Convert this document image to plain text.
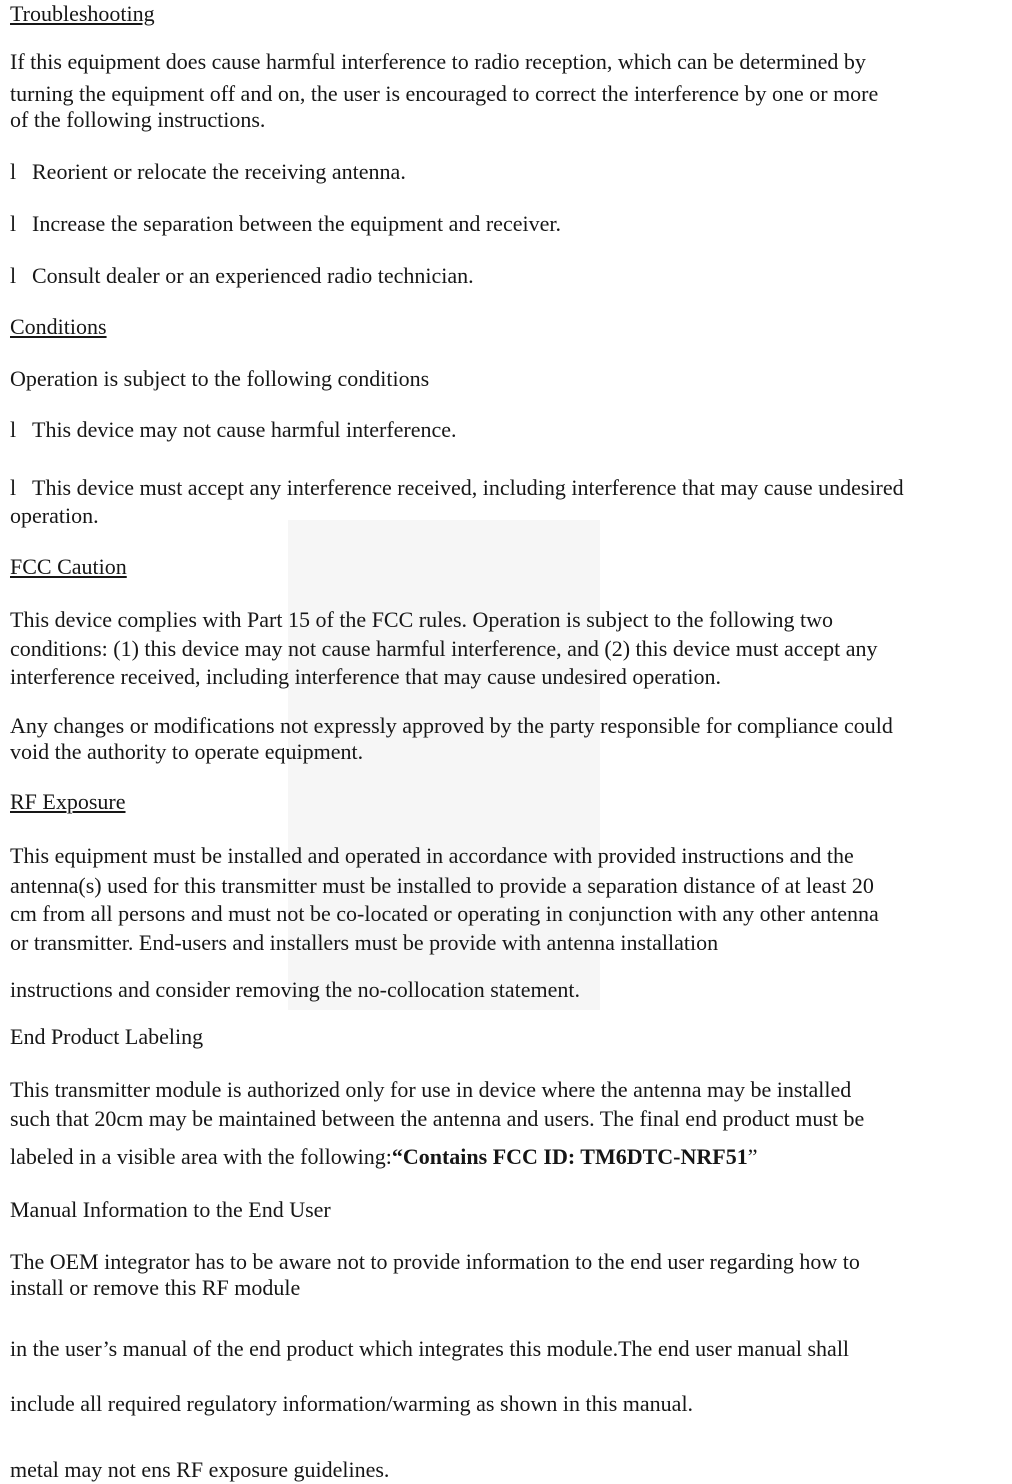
Troubleshooting

If this equipment does cause harmful interference to radio reception, which can be determined by

turning the equipment off and on, the user is encouraged to correct the interference by one or more

of the following instructions.

l Reorient or relocate the receiving antenna.

l Increase the separation between the equipment and receiver.

l Consult dealer or an experienced radio technician.

Conditions

Operation is subject to the following conditions

l This device may not cause harmful interference.

l This device must accept any interference received, including interference that may cause undesired

operation.

FCC Caution

This device complies with Part 15 of the FCC rules. Operation is subject to the following two

conditions: (1) this device may not cause harmful interference, and (2) this device must accept any

interference received, including interference that may cause undesired operation.

Any changes or modifications not expressly approved by the party responsible for compliance could

void the authority to operate equipment.

RF Exposure

This equipment must be installed and operated in accordance with provided instructions and the

antenna(s) used for this transmitter must be installed to provide a separation distance of at least 20

cm from all persons and must not be co-located or operating in conjunction with any other antenna

or transmitter. End-users and installers must be provide with antenna installation

instructions and consider removing the no-collocation statement.

End Product Labeling

This transmitter module is authorized only for use in device where the antenna may be installed

such that 20cm may be maintained between the antenna and users. The final end product must be

labeled in a visible area with the following:“Contains FCC ID: TM6DTC-NRF51”

Manual Information to the End User

The OEM integrator has to be aware not to provide information to the end user regarding how to

install or remove this RF module

in the user’s manual of the end product which integrates this module.The end user manual shall

include all required regulatory information/warming as shown in this manual.

metal may not ens RF exposure guidelines.
